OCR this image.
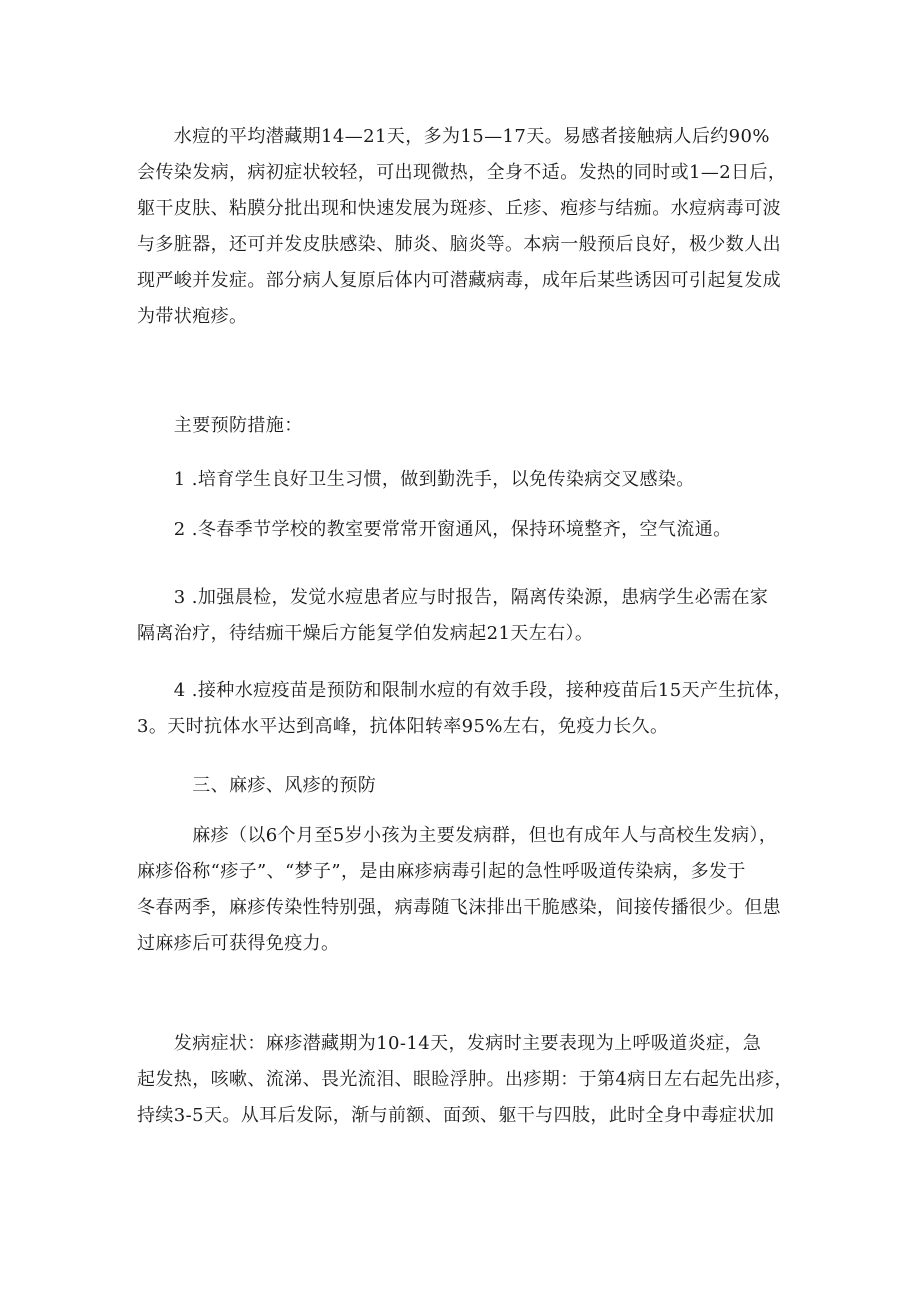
　　水痘的平均潜藏期14—21天，多为15—17天。易感者接触病人后约90%
会传染发病，病初症状较轻，可出现微热，全身不适。发热的同时或1—2日后，
躯干皮肤、粘膜分批出现和快速发展为斑疹、丘疹、疱疹与结痂。水痘病毒可波
与多脏器，还可并发皮肤感染、肺炎、脑炎等。本病一般预后良好，极少数人出
现严峻并发症。部分病人复原后体内可潜藏病毒，成年后某些诱因可引起复发成
为带状疱疹。
　　主要预防措施：
　　1 .培育学生良好卫生习惯，做到勤洗手，以免传染病交叉感染。
　　2 .冬春季节学校的教室要常常开窗通风，保持环境整齐，空气流通。
　　3 .加强晨检，发觉水痘患者应与时报告，隔离传染源，患病学生必需在家
隔离治疗，待结痂干燥后方能复学伯发病起21天左右）。
　　4 .接种水痘疫苗是预防和限制水痘的有效手段，接种疫苗后15天产生抗体，
3。天时抗体水平达到高峰，抗体阳转率95%左右，免疫力长久。
　　　三、麻疹、风疹的预防
　　　麻疹（以6个月至5岁小孩为主要发病群，但也有成年人与高校生发病），
麻疹俗称“疹子”、“梦子”，是由麻疹病毒引起的急性呼吸道传染病，多发于
冬春两季，麻疹传染性特别强，病毒随飞沫排出干脆感染，间接传播很少。但患
过麻疹后可获得免疫力。
　　发病症状：麻疹潜藏期为10-14天，发病时主要表现为上呼吸道炎症，急
起发热，咳嗽、流涕、畏光流泪、眼睑浮肿。出疹期：于第4病日左右起先出疹，
持续3-5天。从耳后发际，渐与前额、面颈、躯干与四肢，此时全身中毒症状加
